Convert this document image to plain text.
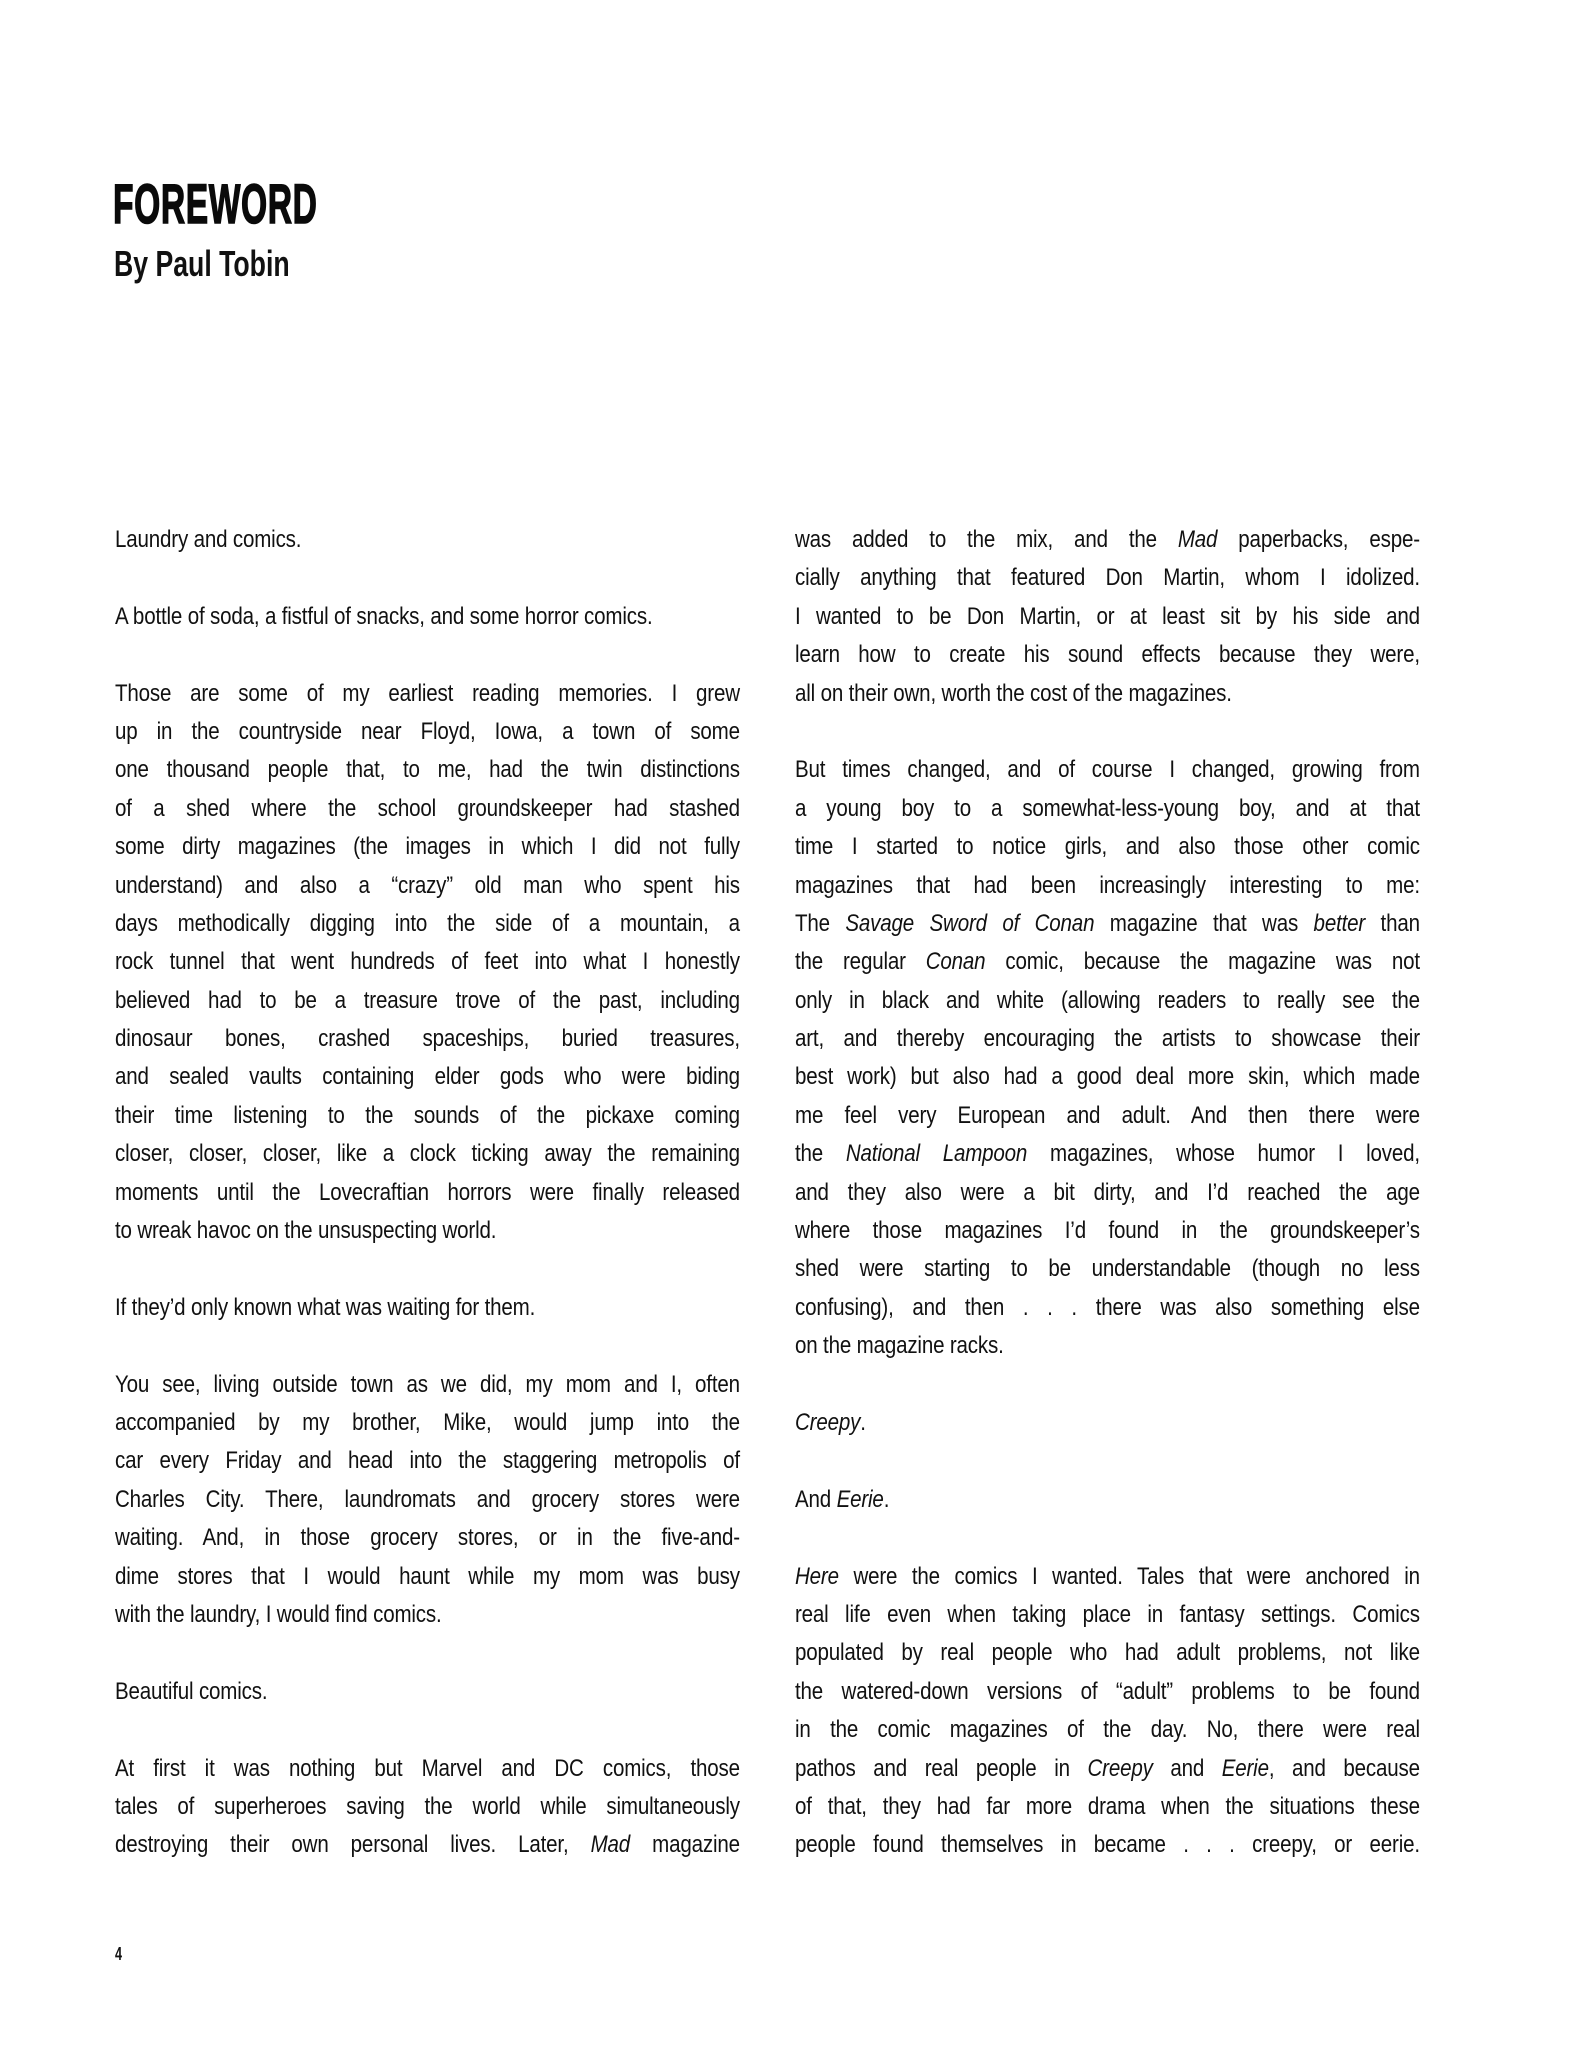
FOREWORD
By Paul Tobin
Laundry and comics.
A bottle of soda, a fistful of snacks, and some horror comics.
Those are some of my earliest reading memories. I grew
up in the countryside near Floyd, Iowa, a town of some
one thousand people that, to me, had the twin distinctions
of a shed where the school groundskeeper had stashed
some dirty magazines (the images in which I did not fully
understand) and also a “crazy” old man who spent his
days methodically digging into the side of a mountain, a
rock tunnel that went hundreds of feet into what I honestly
believed had to be a treasure trove of the past, including
dinosaur bones, crashed spaceships, buried treasures,
and sealed vaults containing elder gods who were biding
their time listening to the sounds of the pickaxe coming
closer, closer, closer, like a clock ticking away the remaining
moments until the Lovecraftian horrors were finally released
to wreak havoc on the unsuspecting world.
If they’d only known what was waiting for them.
You see, living outside town as we did, my mom and I, often
accompanied by my brother, Mike, would jump into the
car every Friday and head into the staggering metropolis of
Charles City. There, laundromats and grocery stores were
waiting. And, in those grocery stores, or in the five-and-
dime stores that I would haunt while my mom was busy
with the laundry, I would find comics.
Beautiful comics.
At first it was nothing but Marvel and DC comics, those
tales of superheroes saving the world while simultaneously
destroying their own personal lives. Later, Mad magazine
was added to the mix, and the Mad paperbacks, espe-
cially anything that featured Don Martin, whom I idolized.
I wanted to be Don Martin, or at least sit by his side and
learn how to create his sound effects because they were,
all on their own, worth the cost of the magazines.
But times changed, and of course I changed, growing from
a young boy to a somewhat-less-young boy, and at that
time I started to notice girls, and also those other comic
magazines that had been increasingly interesting to me:
The Savage Sword of Conan magazine that was better than
the regular Conan comic, because the magazine was not
only in black and white (allowing readers to really see the
art, and thereby encouraging the artists to showcase their
best work) but also had a good deal more skin, which made
me feel very European and adult. And then there were
the National Lampoon magazines, whose humor I loved,
and they also were a bit dirty, and I’d reached the age
where those magazines I’d found in the groundskeeper’s
shed were starting to be understandable (though no less
confusing), and then . . . there was also something else
on the magazine racks.
Creepy.
And Eerie.
Here were the comics I wanted. Tales that were anchored in
real life even when taking place in fantasy settings. Comics
populated by real people who had adult problems, not like
the watered-down versions of “adult” problems to be found
in the comic magazines of the day. No, there were real
pathos and real people in Creepy and Eerie, and because
of that, they had far more drama when the situations these
people found themselves in became . . . creepy, or eerie.
4
